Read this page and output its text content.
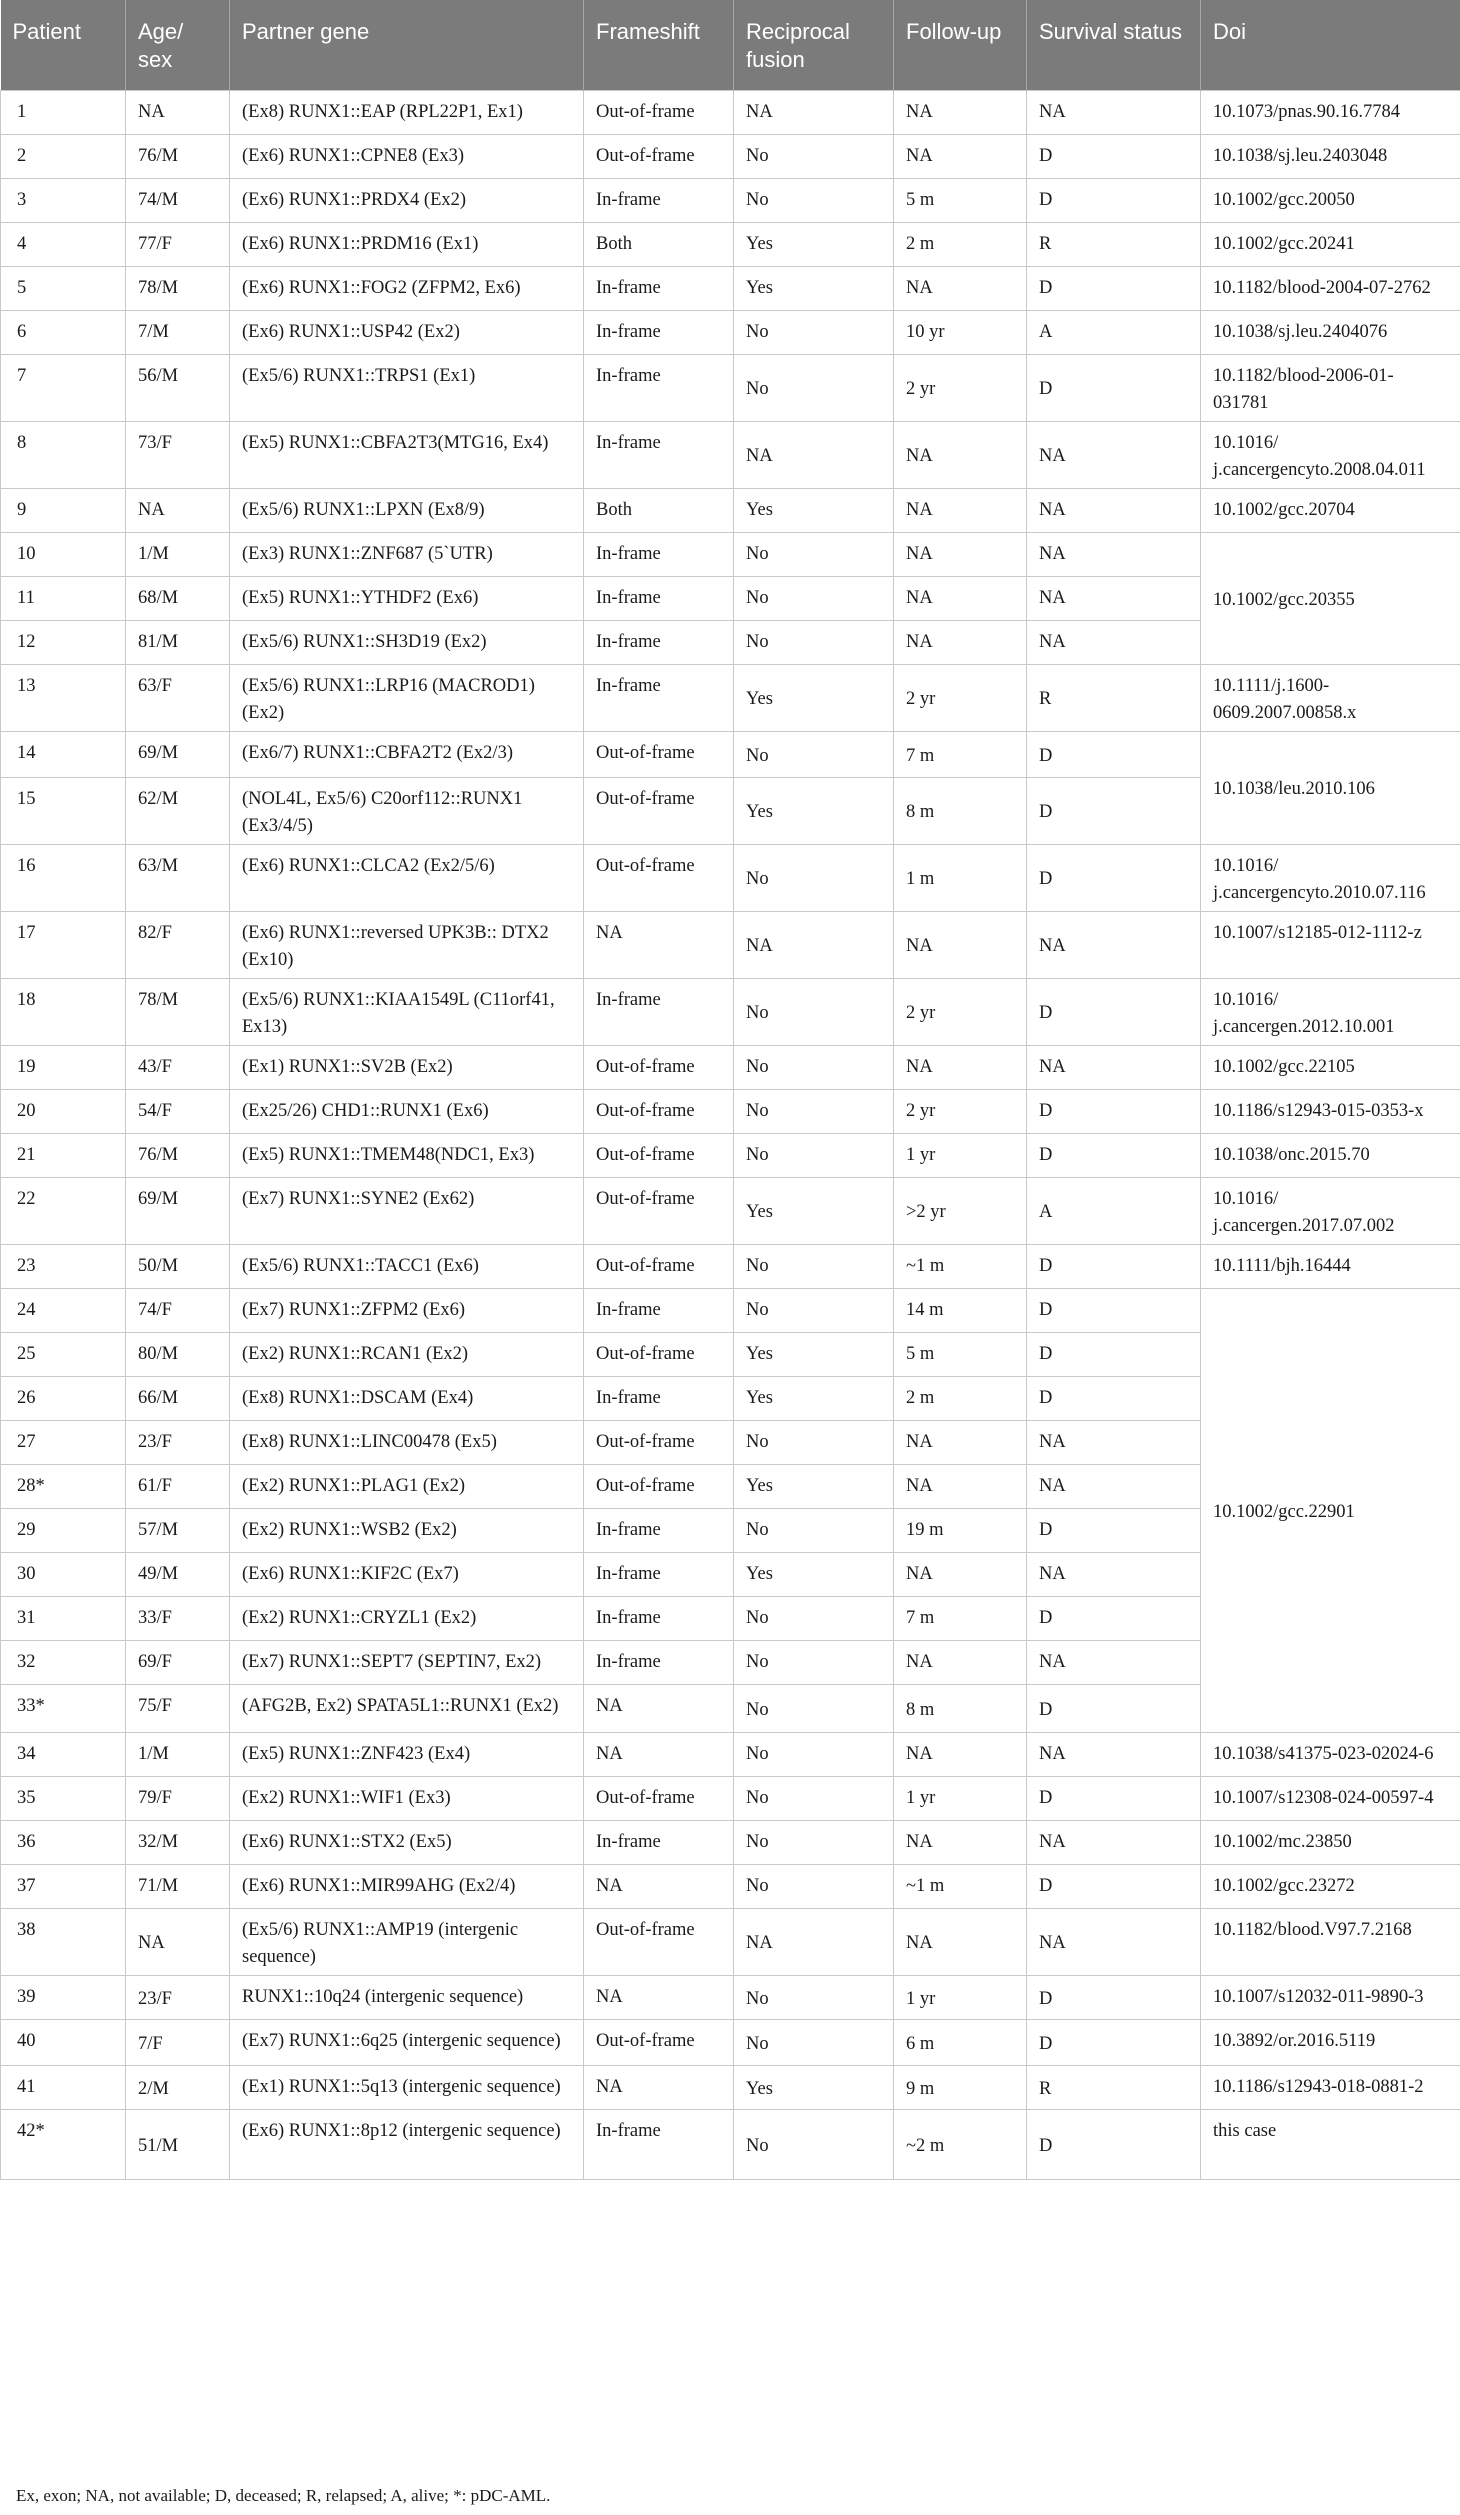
Patient	Age/ sex	Partner gene	Frameshift	Reciprocal fusion	Follow-up	Survival status	Doi
1	NA	(Ex8) RUNX1::EAP (RPL22P1, Ex1)	Out-of-frame	NA	NA	NA	10.1073/pnas.90.16.7784
2	76/M	(Ex6) RUNX1::CPNE8 (Ex3)	Out-of-frame	No	NA	D	10.1038/sj.leu.2403048
3	74/M	(Ex6) RUNX1::PRDX4 (Ex2)	In-frame	No	5 m	D	10.1002/gcc.20050
4	77/F	(Ex6) RUNX1::PRDM16 (Ex1)	Both	Yes	2 m	R	10.1002/gcc.20241
5	78/M	(Ex6) RUNX1::FOG2 (ZFPM2, Ex6)	In-frame	Yes	NA	D	10.1182/blood-2004-07-2762
6	7/M	(Ex6) RUNX1::USP42 (Ex2)	In-frame	No	10 yr	A	10.1038/sj.leu.2404076
7	56/M	(Ex5/6) RUNX1::TRPS1 (Ex1)	In-frame	No	2 yr	D	10.1182/blood-2006-01-031781
8	73/F	(Ex5) RUNX1::CBFA2T3(MTG16, Ex4)	In-frame	NA	NA	NA	10.1016/ j.cancergencyto.2008.04.011
9	NA	(Ex5/6) RUNX1::LPXN (Ex8/9)	Both	Yes	NA	NA	10.1002/gcc.20704
10	1/M	(Ex3) RUNX1::ZNF687 (5`UTR)	In-frame	No	NA	NA	10.1002/gcc.20355
11	68/M	(Ex5) RUNX1::YTHDF2 (Ex6)	In-frame	No	NA	NA	
12	81/M	(Ex5/6) RUNX1::SH3D19 (Ex2)	In-frame	No	NA	NA	
13	63/F	(Ex5/6) RUNX1::LRP16 (MACROD1) (Ex2)	In-frame	Yes	2 yr	R	10.1111/j.1600-0609.2007.00858.x
14	69/M	(Ex6/7) RUNX1::CBFA2T2 (Ex2/3)	Out-of-frame	No	7 m	D	10.1038/leu.2010.106
15	62/M	(NOL4L, Ex5/6) C20orf112::RUNX1 (Ex3/4/5)	Out-of-frame	Yes	8 m	D	
16	63/M	(Ex6) RUNX1::CLCA2 (Ex2/5/6)	Out-of-frame	No	1 m	D	10.1016/ j.cancergencyto.2010.07.116
17	82/F	(Ex6) RUNX1::reversed UPK3B:: DTX2 (Ex10)	NA	NA	NA	NA	10.1007/s12185-012-1112-z
18	78/M	(Ex5/6) RUNX1::KIAA1549L (C11orf41, Ex13)	In-frame	No	2 yr	D	10.1016/ j.cancergen.2012.10.001
19	43/F	(Ex1) RUNX1::SV2B (Ex2)	Out-of-frame	No	NA	NA	10.1002/gcc.22105
20	54/F	(Ex25/26) CHD1::RUNX1 (Ex6)	Out-of-frame	No	2 yr	D	10.1186/s12943-015-0353-x
21	76/M	(Ex5) RUNX1::TMEM48(NDC1, Ex3)	Out-of-frame	No	1 yr	D	10.1038/onc.2015.70
22	69/M	(Ex7) RUNX1::SYNE2 (Ex62)	Out-of-frame	Yes	>2 yr	A	10.1016/ j.cancergen.2017.07.002
23	50/M	(Ex5/6) RUNX1::TACC1 (Ex6)	Out-of-frame	No	~1 m	D	10.1111/bjh.16444
24	74/F	(Ex7) RUNX1::ZFPM2 (Ex6)	In-frame	No	14 m	D	10.1002/gcc.22901
25	80/M	(Ex2) RUNX1::RCAN1 (Ex2)	Out-of-frame	Yes	5 m	D	
26	66/M	(Ex8) RUNX1::DSCAM (Ex4)	In-frame	Yes	2 m	D	
27	23/F	(Ex8) RUNX1::LINC00478 (Ex5)	Out-of-frame	No	NA	NA	
28*	61/F	(Ex2) RUNX1::PLAG1 (Ex2)	Out-of-frame	Yes	NA	NA	
29	57/M	(Ex2) RUNX1::WSB2 (Ex2)	In-frame	No	19 m	D	
30	49/M	(Ex6) RUNX1::KIF2C (Ex7)	In-frame	Yes	NA	NA	
31	33/F	(Ex2) RUNX1::CRYZL1 (Ex2)	In-frame	No	7 m	D	
32	69/F	(Ex7) RUNX1::SEPT7 (SEPTIN7, Ex2)	In-frame	No	NA	NA	
33*	75/F	(AFG2B, Ex2) SPATA5L1::RUNX1 (Ex2)	NA	No	8 m	D	
34	1/M	(Ex5) RUNX1::ZNF423 (Ex4)	NA	No	NA	NA	10.1038/s41375-023-02024-6
35	79/F	(Ex2) RUNX1::WIF1 (Ex3)	Out-of-frame	No	1 yr	D	10.1007/s12308-024-00597-4
36	32/M	(Ex6) RUNX1::STX2 (Ex5)	In-frame	No	NA	NA	10.1002/mc.23850
37	71/M	(Ex6) RUNX1::MIR99AHG (Ex2/4)	NA	No	~1 m	D	10.1002/gcc.23272
38	NA	(Ex5/6) RUNX1::AMP19 (intergenic sequence)	Out-of-frame	NA	NA	NA	10.1182/blood.V97.7.2168
39	23/F	RUNX1::10q24 (intergenic sequence)	NA	No	1 yr	D	10.1007/s12032-011-9890-3
40	7/F	(Ex7) RUNX1::6q25 (intergenic sequence)	Out-of-frame	No	6 m	D	10.3892/or.2016.5119
41	2/M	(Ex1) RUNX1::5q13 (intergenic sequence)	NA	Yes	9 m	R	10.1186/s12943-018-0881-2
42*	51/M	(Ex6) RUNX1::8p12 (intergenic sequence)	In-frame	No	~2 m	D	this case
Ex, exon; NA, not available; D, deceased; R, relapsed; A, alive; *: pDC-AML.
